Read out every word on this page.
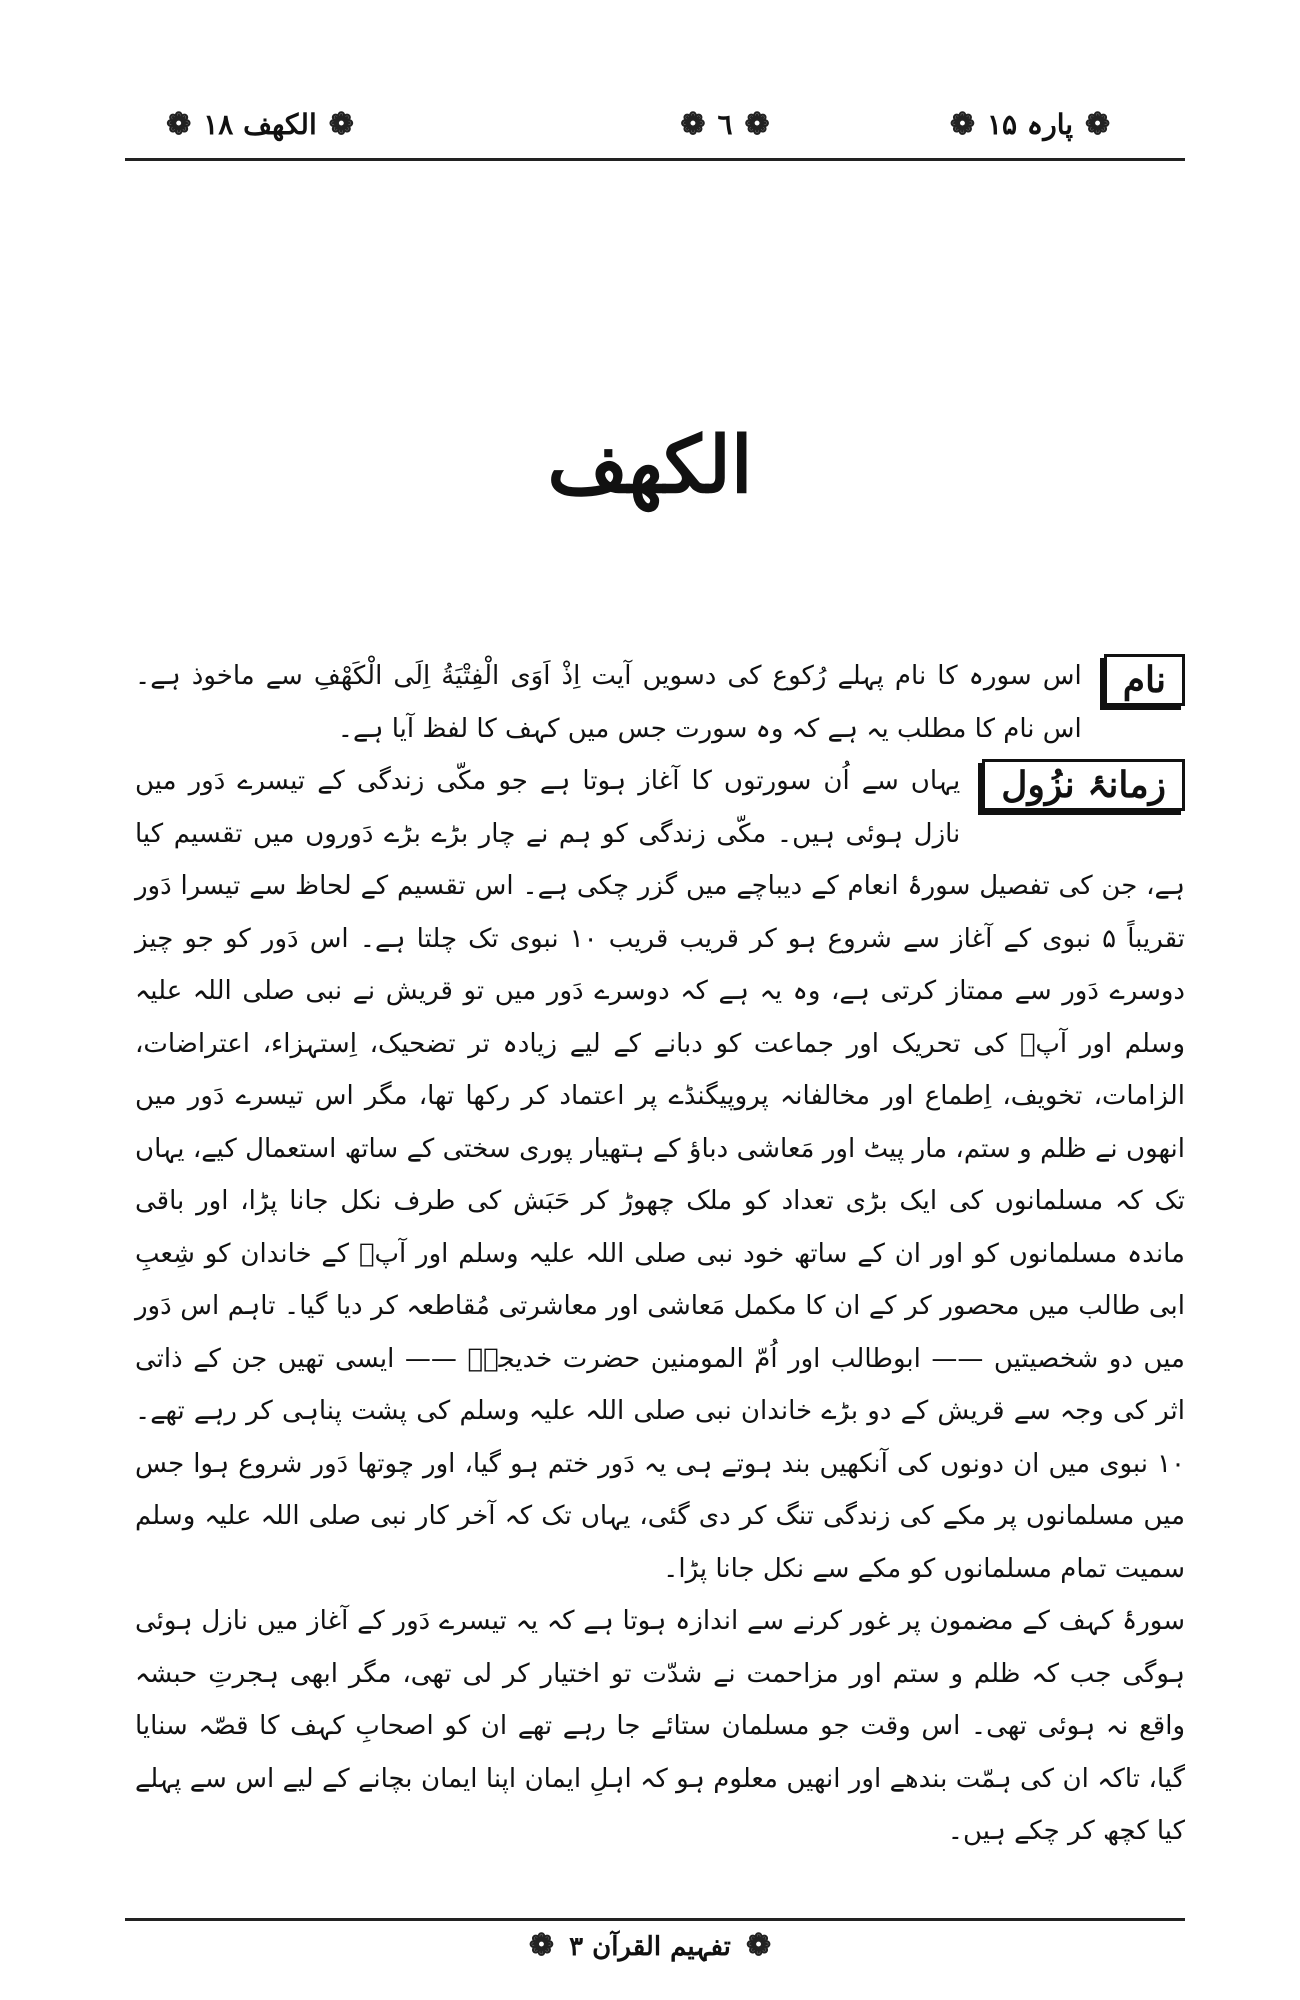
❁
پارہ ۱۵
❁
❁
٦
❁
❁
الکھف ۱۸
❁
الکھف
نام

اس سورہ کا نام پہلے رُکوع کی دسویں آیت اِذْ اَوَى الْفِتْيَةُ اِلَى الْكَهْفِ سے ماخوذ ہے۔ اس نام کا مطلب یہ ہے کہ وہ سورت جس میں کہف کا لفظ آیا ہے۔

زمانۂ نزُول

یہاں سے اُن سورتوں کا آغاز ہوتا ہے جو مکّی زندگی کے تیسرے دَور میں نازل ہوئی ہیں۔ مکّی زندگی کو ہم نے چار بڑے بڑے دَوروں میں تقسیم کیا ہے، جن کی تفصیل سورۂ انعام کے دیباچے میں گزر چکی ہے۔ اس تقسیم کے لحاظ سے تیسرا دَور تقریباً ۵ نبوی کے آغاز سے شروع ہو کر قریب قریب ۱۰ نبوی تک چلتا ہے۔ اس دَور کو جو چیز دوسرے دَور سے ممتاز کرتی ہے، وہ یہ ہے کہ دوسرے دَور میں تو قریش نے نبی صلی اللہ علیہ وسلم اور آپؐ کی تحریک اور جماعت کو دبانے کے لیے زیادہ تر تضحیک، اِستہزاء، اعتراضات، الزامات، تخویف، اِطماع اور مخالفانہ پروپیگنڈے پر اعتماد کر رکھا تھا، مگر اس تیسرے دَور میں انھوں نے ظلم و ستم، مار پیٹ اور مَعاشی دباؤ کے ہتھیار پوری سختی کے ساتھ استعمال کیے، یہاں تک کہ مسلمانوں کی ایک بڑی تعداد کو ملک چھوڑ کر حَبَش کی طرف نکل جانا پڑا، اور باقی ماندہ مسلمانوں کو اور ان کے ساتھ خود نبی صلی اللہ علیہ وسلم اور آپؐ کے خاندان کو شِعبِ ابی طالب میں محصور کر کے ان کا مکمل مَعاشی اور معاشرتی مُقاطعہ کر دیا گیا۔ تاہم اس دَور میں دو شخصیتیں —— ابوطالب اور اُمّ المومنین حضرت خدیجہؓ —— ایسی تھیں جن کے ذاتی اثر کی وجہ سے قریش کے دو بڑے خاندان نبی صلی اللہ علیہ وسلم کی پشت پناہی کر رہے تھے۔ ۱۰ نبوی میں ان دونوں کی آنکھیں بند ہوتے ہی یہ دَور ختم ہو گیا، اور چوتھا دَور شروع ہوا جس میں مسلمانوں پر مکے کی زندگی تنگ کر دی گئی، یہاں تک کہ آخر کار نبی صلی اللہ علیہ وسلم سمیت تمام مسلمانوں کو مکے سے نکل جانا پڑا۔

سورۂ کہف کے مضمون پر غور کرنے سے اندازہ ہوتا ہے کہ یہ تیسرے دَور کے آغاز میں نازل ہوئی ہوگی جب کہ ظلم و ستم اور مزاحمت نے شدّت تو اختیار کر لی تھی، مگر ابھی ہجرتِ حبشہ واقع نہ ہوئی تھی۔ اس وقت جو مسلمان ستائے جا رہے تھے ان کو اصحابِ کہف کا قصّہ سنایا گیا، تاکہ ان کی ہمّت بندھے اور انھیں معلوم ہو کہ اہلِ ایمان اپنا ایمان بچانے کے لیے اس سے پہلے کیا کچھ کر چکے ہیں۔

❁ تفہیم القرآن ۳ ❁
